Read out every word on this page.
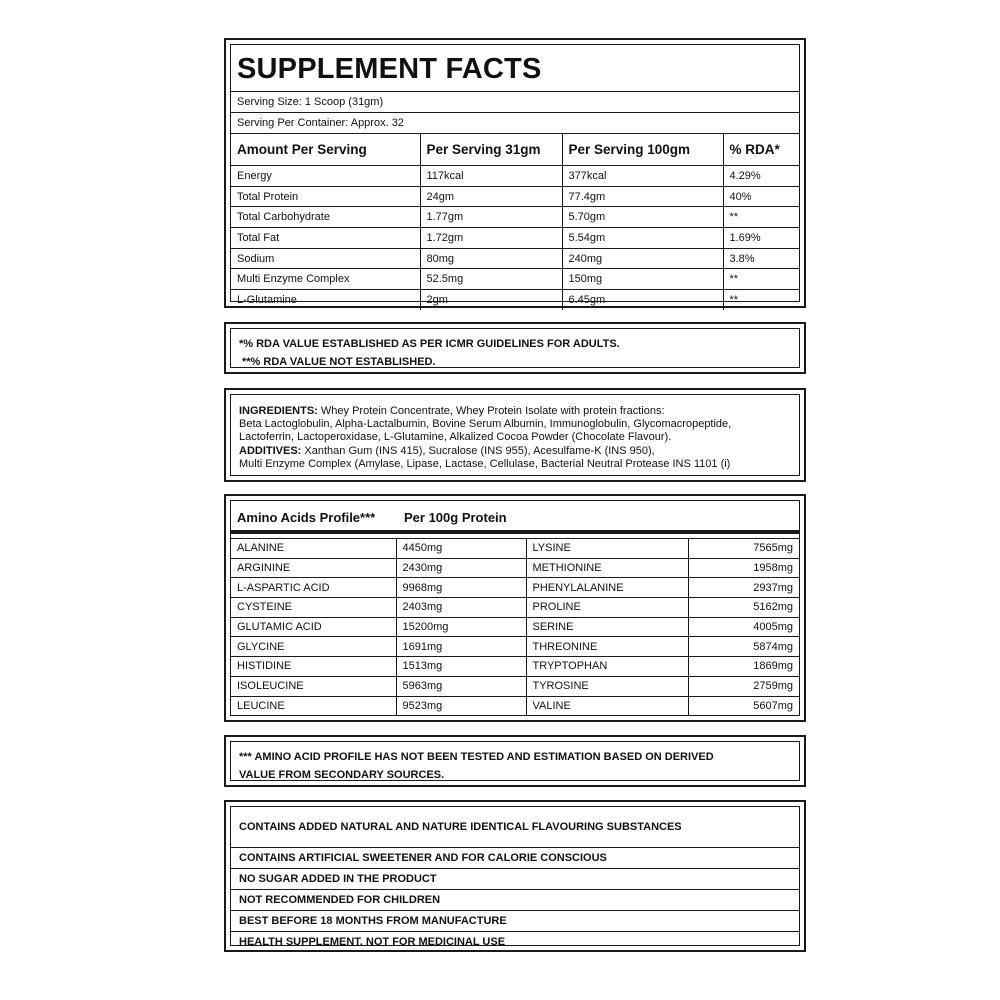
SUPPLEMENT FACTS
Serving Size: 1 Scoop (31gm)
Serving Per Container: Approx. 32
Amount Per Serving	Per Serving 31gm	Per Serving 100gm	% RDA*
Energy	117kcal	377kcal	4.29%
Total Protein	24gm	77.4gm	40%
Total Carbohydrate	1.77gm	5.70gm	**
Total Fat	1.72gm	5.54gm	1.69%
Sodium	80mg	240mg	3.8%
Multi Enzyme Complex	52.5mg	150mg	**
L-Glutamine	2gm	6.45gm	**
*% RDA VALUE ESTABLISHED AS PER ICMR GUIDELINES FOR ADULTS.
**% RDA VALUE NOT ESTABLISHED.
INGREDIENTS: Whey Protein Concentrate, Whey Protein Isolate with protein fractions:
Beta Lactoglobulin, Alpha-Lactalbumin, Bovine Serum Albumin, Immunoglobulin, Glycomacropeptide,
Lactoferrin, Lactoperoxidase, L-Glutamine, Alkalized Cocoa Powder (Chocolate Flavour).
ADDITIVES: Xanthan Gum (INS 415), Sucralose (INS 955), Acesulfame-K (INS 950),
Multi Enzyme Complex (Amylase, Lipase, Lactase, Cellulase, Bacterial Neutral Protease INS 1101 (i)
Amino Acids Profile*** Per 100g Protein
ALANINE	4450mg	LYSINE	7565mg
ARGININE	2430mg	METHIONINE	1958mg
L-ASPARTIC ACID	9968mg	PHENYLALANINE	2937mg
CYSTEINE	2403mg	PROLINE	5162mg
GLUTAMIC ACID	15200mg	SERINE	4005mg
GLYCINE	1691mg	THREONINE	5874mg
HISTIDINE	1513mg	TRYPTOPHAN	1869mg
ISOLEUCINE	5963mg	TYROSINE	2759mg
LEUCINE	9523mg	VALINE	5607mg
*** AMINO ACID PROFILE HAS NOT BEEN TESTED AND ESTIMATION BASED ON DERIVED
VALUE FROM SECONDARY SOURCES.
CONTAINS ADDED NATURAL AND NATURE IDENTICAL FLAVOURING SUBSTANCES
CONTAINS ARTIFICIAL SWEETENER AND FOR CALORIE CONSCIOUS
NO SUGAR ADDED IN THE PRODUCT
NOT RECOMMENDED FOR CHILDREN
BEST BEFORE 18 MONTHS FROM MANUFACTURE
HEALTH SUPPLEMENT. NOT FOR MEDICINAL USE
